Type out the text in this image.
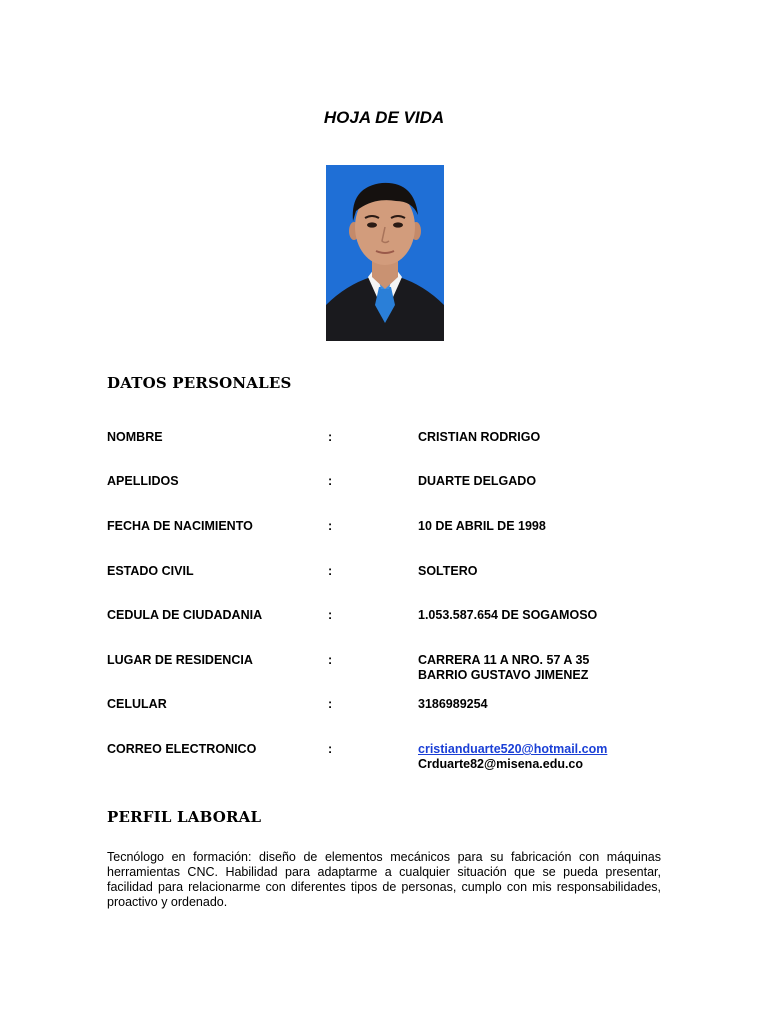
HOJA DE VIDA
DATOS PERSONALES
NOMBRE	:	CRISTIAN RODRIGO
APELLIDOS	:	DUARTE DELGADO
FECHA DE NACIMIENTO	:	10 DE ABRIL DE 1998
ESTADO CIVIL	:	SOLTERO
CEDULA DE CIUDADANIA	:	1.053.587.654 DE SOGAMOSO
LUGAR DE RESIDENCIA	:	CARRERA 11 A NRO. 57 A 35
BARRIO GUSTAVO JIMENEZ
CELULAR	:	3186989254
CORREO ELECTRONICO	:	cristianduarte520@hotmail.com
Crduarte82@misena.edu.co
PERFIL LABORAL
Tecnólogo en formación: diseño de elementos mecánicos para su fabricación con máquinas herramientas CNC. Habilidad para adaptarme a cualquier situación que se pueda presentar, facilidad para relacionarme con diferentes tipos de personas, cumplo con mis responsabilidades, proactivo y ordenado.
